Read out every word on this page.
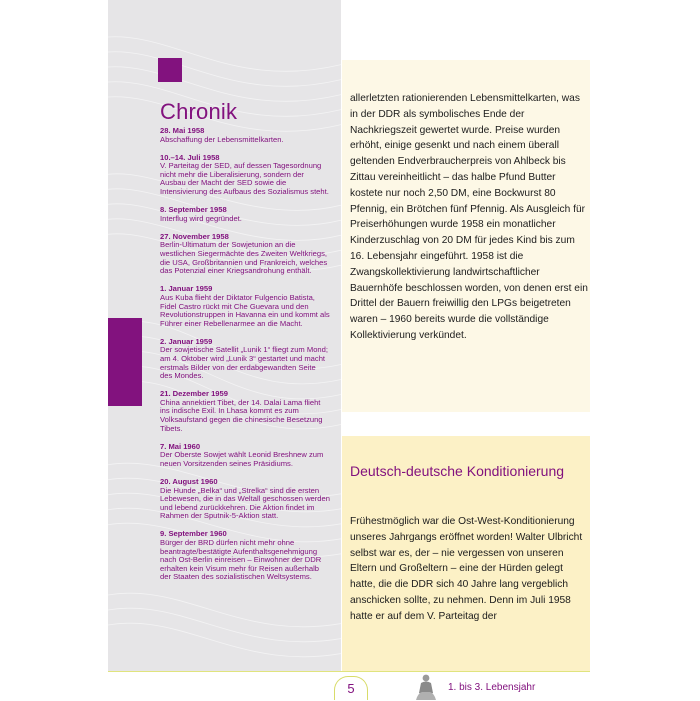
Chronik
28. Mai 1958
Abschaffung der Lebensmittelkarten.
10.–14. Juli 1958
V. Parteitag der SED, auf dessen Tagesordnung nicht mehr die Liberalisierung, sondern der Ausbau der Macht der SED sowie die Intensivierung des Aufbaus des Sozialismus steht.
8. September 1958
Interflug wird gegründet.
27. November 1958
Berlin-Ultimatum der Sowjetunion an die westlichen Siegermächte des Zweiten Weltkriegs, die USA, Großbritannien und Frankreich, welches das Potenzial einer Kriegsandrohung enthält.
1. Januar 1959
Aus Kuba flieht der Diktator Fulgencio Batista, Fidel Castro rückt mit Che Guevara und den Revolutionstruppen in Havanna ein und kommt als Führer einer Rebellenarmee an die Macht.
2. Januar 1959
Der sowjetische Satellit „Lunik 1“ fliegt zum Mond; am 4. Oktober wird „Lunik 3“ gestartet und macht erstmals Bilder von der erdabgewandten Seite des Mondes.
21. Dezember 1959
China annektiert Tibet, der 14. Dalai Lama flieht ins indische Exil. In Lhasa kommt es zum Volksaufstand gegen die chinesische Besetzung Tibets.
7. Mai 1960
Der Oberste Sowjet wählt Leonid Breshnew zum neuen Vorsitzenden seines Präsidiums.
20. August 1960
Die Hunde „Belka“ und „Strelka“ sind die ersten Lebewesen, die in das Weltall geschossen werden und lebend zurückkehren. Die Aktion findet im Rahmen der Sputnik-5-Aktion statt.
9. September 1960
Bürger der BRD dürfen nicht mehr ohne beantragte/bestätigte Aufenthaltsgenehmigung nach Ost-Berlin einreisen – Einwohner der DDR erhalten kein Visum mehr für Reisen außerhalb der Staaten des sozialistischen Weltsystems.

allerletzten rationierenden Lebensmittelkarten, was in der DDR als symbolisches Ende der Nachkriegszeit gewertet wurde. Preise wurden erhöht, einige gesenkt und nach einem überall geltenden Endverbraucherpreis von Ahlbeck bis Zittau vereinheitlicht – das halbe Pfund Butter kostete nur noch 2,50 DM, eine Bockwurst 80 Pfennig, ein Brötchen fünf Pfennig. Als Ausgleich für Preiserhöhungen wurde 1958 ein monatlicher Kinderzuschlag von 20 DM für jedes Kind bis zum 16. Lebensjahr eingeführt. 1958 ist die Zwangskollektivierung landwirtschaftlicher Bauernhöfe beschlossen worden, von denen erst ein Drittel der Bauern freiwillig den LPGs beigetreten waren – 1960 bereits wurde die vollständige Kollektivierung verkündet.

Deutsch-deutsche Konditionierung

Frühestmöglich war die Ost-West-Konditionierung unseres Jahrgangs eröffnet worden! Walter Ulbricht selbst war es, der – nie vergessen von unseren Eltern und Großeltern – eine der Hürden gelegt hatte, die die DDR sich 40 Jahre lang vergeblich anschicken sollte, zu nehmen. Denn im Juli 1958 hatte er auf dem V. Parteitag der

5	1. bis 3. Lebensjahr
